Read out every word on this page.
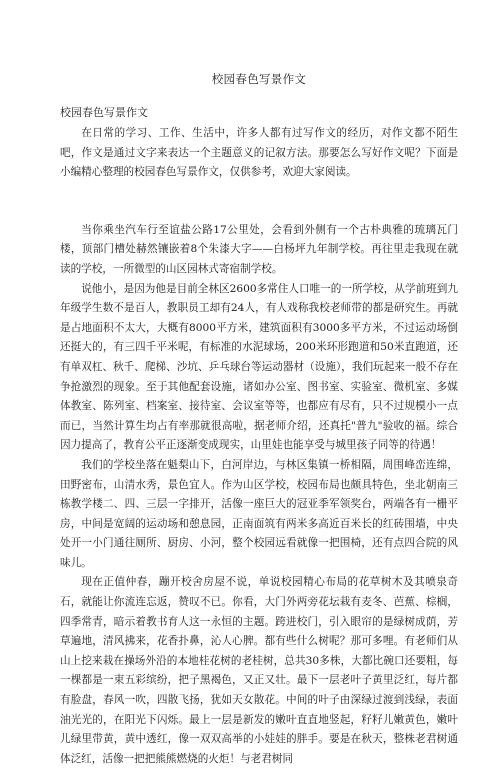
校园春色写景作文
校园春色写景作文

在日常的学习、工作、生活中，许多人都有过写作文的经历，对作文都不陌生吧，作文是通过文字来表达一个主题意义的记叙方法。那要怎么写好作文呢？下面是小编精心整理的校园春色写景作文，仅供参考，欢迎大家阅读。

当你乘坐汽车行至谊盐公路17公里处，会看到外侧有一个古朴典雅的琉璃瓦门楼，顶部门槽处赫然镶嵌着8个朱漆大字——白杨坪九年制学校。再往里走我现在就读的学校，一所微型的山区园林式寄宿制学校。

说他小，是因为他是目前全林区2600多常住人口唯一的一所学校，从学前班到九年级学生数不是百人，教职员工却有24人，有人戏称我校老师带的都是研究生。再就是占地面积不太大，大概有8000平方米，建筑面积有3000多平方米，不过运动场倒还挺大的，有三四千平米呢，有标准的水泥球场，200米环形跑道和50米直跑道，还有单双杠、秋千、爬梯、沙坑、乒乓球台等运动器材（设施），我们玩起来一般不存在争抢激烈的现象。至于其他配套设施，诸如办公室、图书室、实验室、微机室、多媒体教室、陈列室、档案室、接待室、会议室等等，也都应有尽有，只不过规模小一点而已，当然计算生均占有率那就很高啦，据老师介绍，还真托"普九"验收的福。综合因力提高了，教育公平正逐渐变成现实，山里娃也能享受与城里孩子同等的待遇！

我们的学校坐落在魁梨山下，白河岸边，与林区集镇一桥相隔，周围峰峦连绵，田野密布，山清水秀，景色宜人。作为山区学校，校园布局也颇具特色，坐北朝南三栋教学楼二、四、三层一字排开，活像一座巨大的冠亚季军领奖台，两端各有一栅平房，中间是宽阔的运动场和憩息园，正南面筑有两米多高近百米长的红砖围墙，中央处开一小门通往厕所、厨房、小河，整个校园远看就像一把围椅，还有点四合院的风味儿。

现在正值仲春，蹦开校舍房屋不说，单说校园精心布局的花草树木及其喷泉奇石，就能让你流连忘返，赞叹不已。你看，大门外两旁花坛栽有麦冬、芭蕉、棕榈，四季常青，暗示着教书育人这一永恒的主题。跨进校门，引入眼帘的是绿树成荫，芳草遍地，清风拂来，花香扑鼻，沁人心脾。都有些什么树呢？那可多哩。有老师们从山上挖来栽在操场外沿的本地桂花树的老桂树，总共30多株，大都比碗口还要粗，每一棵都是一束五彩缤纷，把子黑褐色，又正又壮。最下一层老叶子黄里泛红，每片都有脸盘，春风一吹，四散飞扬，犹如天女散花。中间的叶子由深绿过渡到浅绿，表面油光光的，在阳光下闪烁。最上一层是新发的嫩叶直直地竖起，籽籽儿嫩黄色，嫩叶儿绿里带黄，黄中透红，像一双双高举的小娃娃的胖手。要是在秋天，整株老君树通体泛红，活像一把把熊熊燃烧的火炬！与老君树同
